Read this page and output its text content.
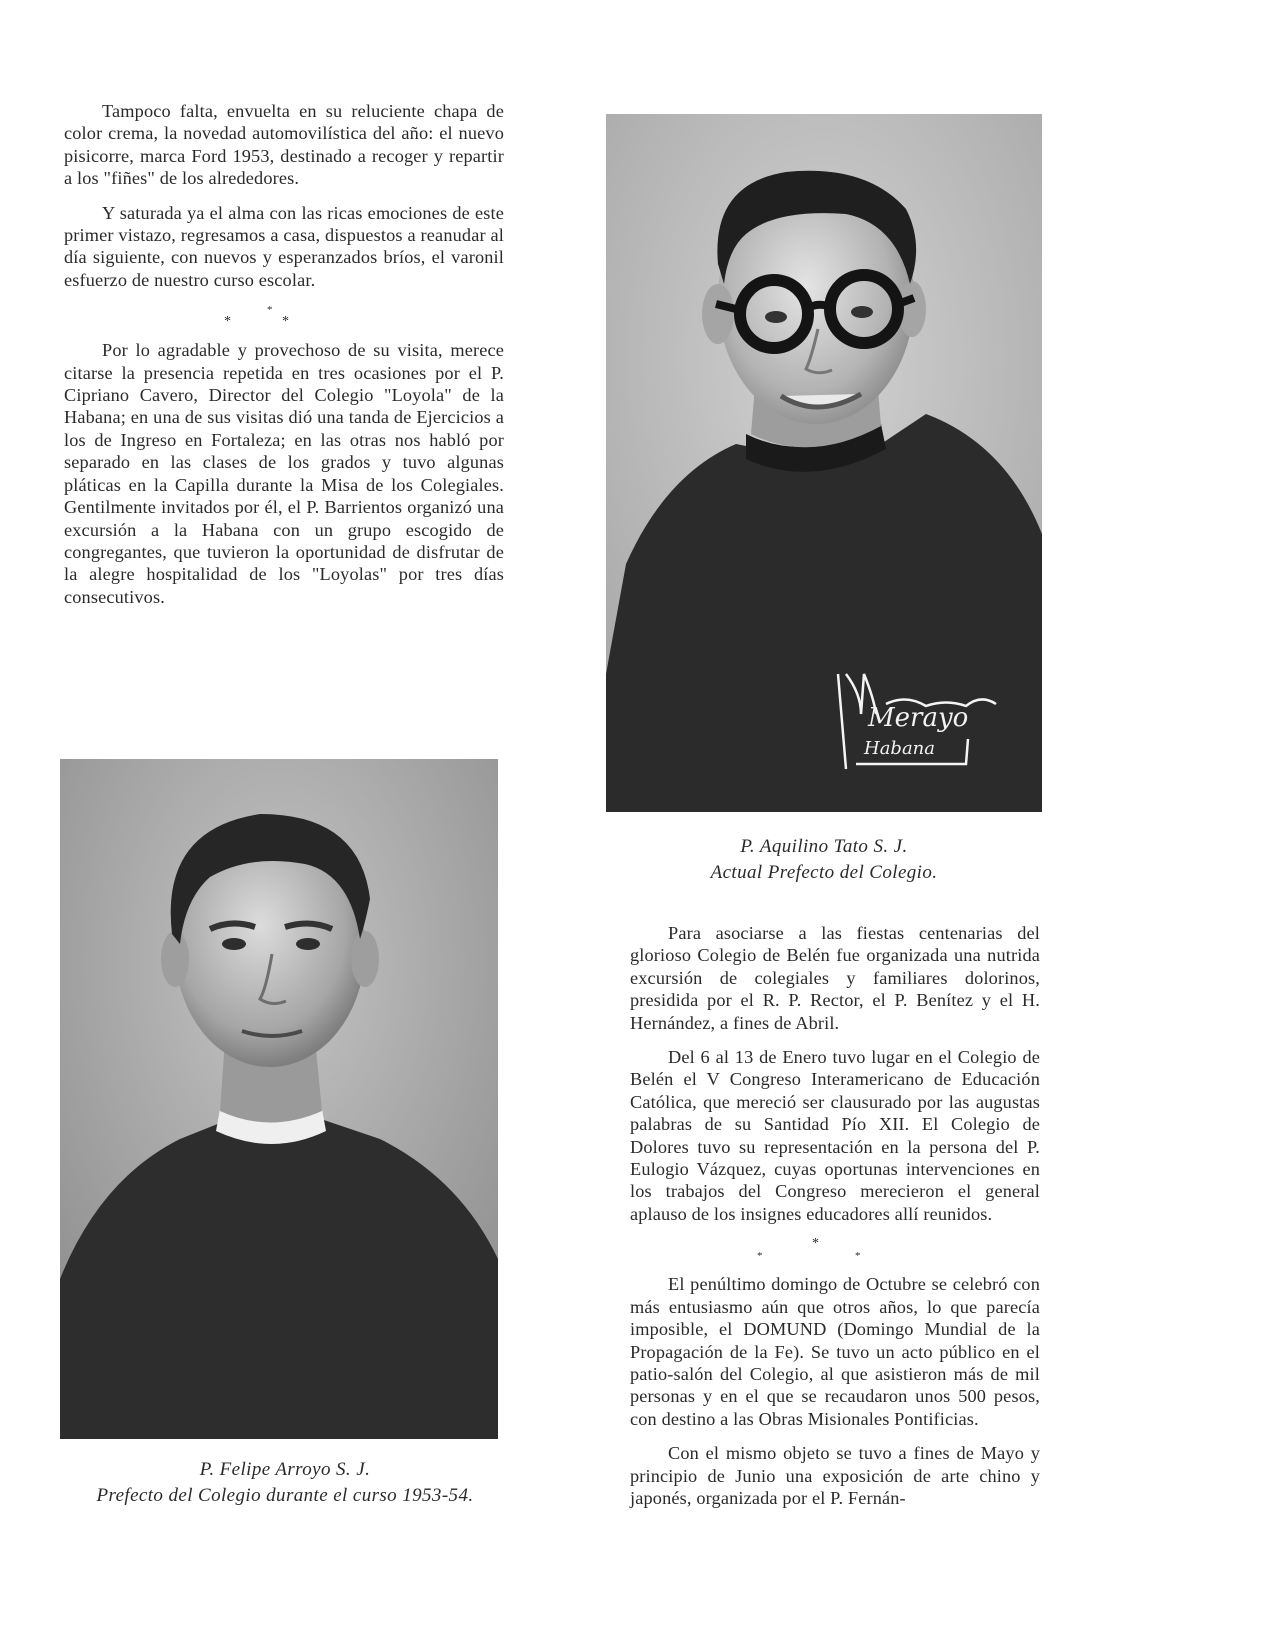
Tampoco falta, envuelta en su reluciente chapa de color crema, la novedad automovilística del año: el nuevo pisicorre, marca Ford 1953, destinado a recoger y repartir a los "fiñes" de los alrededores.

Y saturada ya el alma con las ricas emociones de este primer vistazo, regresamos a casa, dispuestos a reanudar al día siguiente, con nuevos y esperanzados bríos, el varonil esfuerzo de nuestro curso escolar.

*
*
*

Por lo agradable y provechoso de su visita, merece citarse la presencia repetida en tres ocasiones por el P. Cipriano Cavero, Director del Colegio "Loyola" de la Habana; en una de sus visitas dió una tanda de Ejercicios a los de Ingreso en Fortaleza; en las otras nos habló por separado en las clases de los grados y tuvo algunas pláticas en la Capilla durante la Misa de los Colegiales. Gentilmente invitados por él, el P. Barrientos organizó una excursión a la Habana con un grupo escogido de congregantes, que tuvieron la oportunidad de disfrutar de la alegre hospitalidad de los "Loyolas" por tres días consecutivos.

Merayo
Habana
P. Aquilino Tato S. J.
Actual Prefecto del Colegio.
P. Felipe Arroyo S. J.
Prefecto del Colegio durante el curso 1953-54.

Para asociarse a las fiestas centenarias del glorioso Colegio de Belén fue organizada una nutrida excursión de colegiales y familiares dolorinos, presidida por el R. P. Rector, el P. Benítez y el H. Hernández, a fines de Abril.

Del 6 al 13 de Enero tuvo lugar en el Colegio de Belén el V Congreso Interamericano de Educación Católica, que mereció ser clausurado por las augustas palabras de su Santidad Pío XII. El Colegio de Dolores tuvo su representación en la persona del P. Eulogio Vázquez, cuyas oportunas intervenciones en los trabajos del Congreso merecieron el general aplauso de los insignes educadores allí reunidos.

*
*
*

El penúltimo domingo de Octubre se celebró con más entusiasmo aún que otros años, lo que parecía imposible, el DOMUND (Domingo Mundial de la Propagación de la Fe). Se tuvo un acto público en el patio-salón del Colegio, al que asistieron más de mil personas y en el que se recaudaron unos 500 pesos, con destino a las Obras Misionales Pontificias.

Con el mismo objeto se tuvo a fines de Mayo y principio de Junio una exposición de arte chino y japonés, organizada por el P. Fernán-
